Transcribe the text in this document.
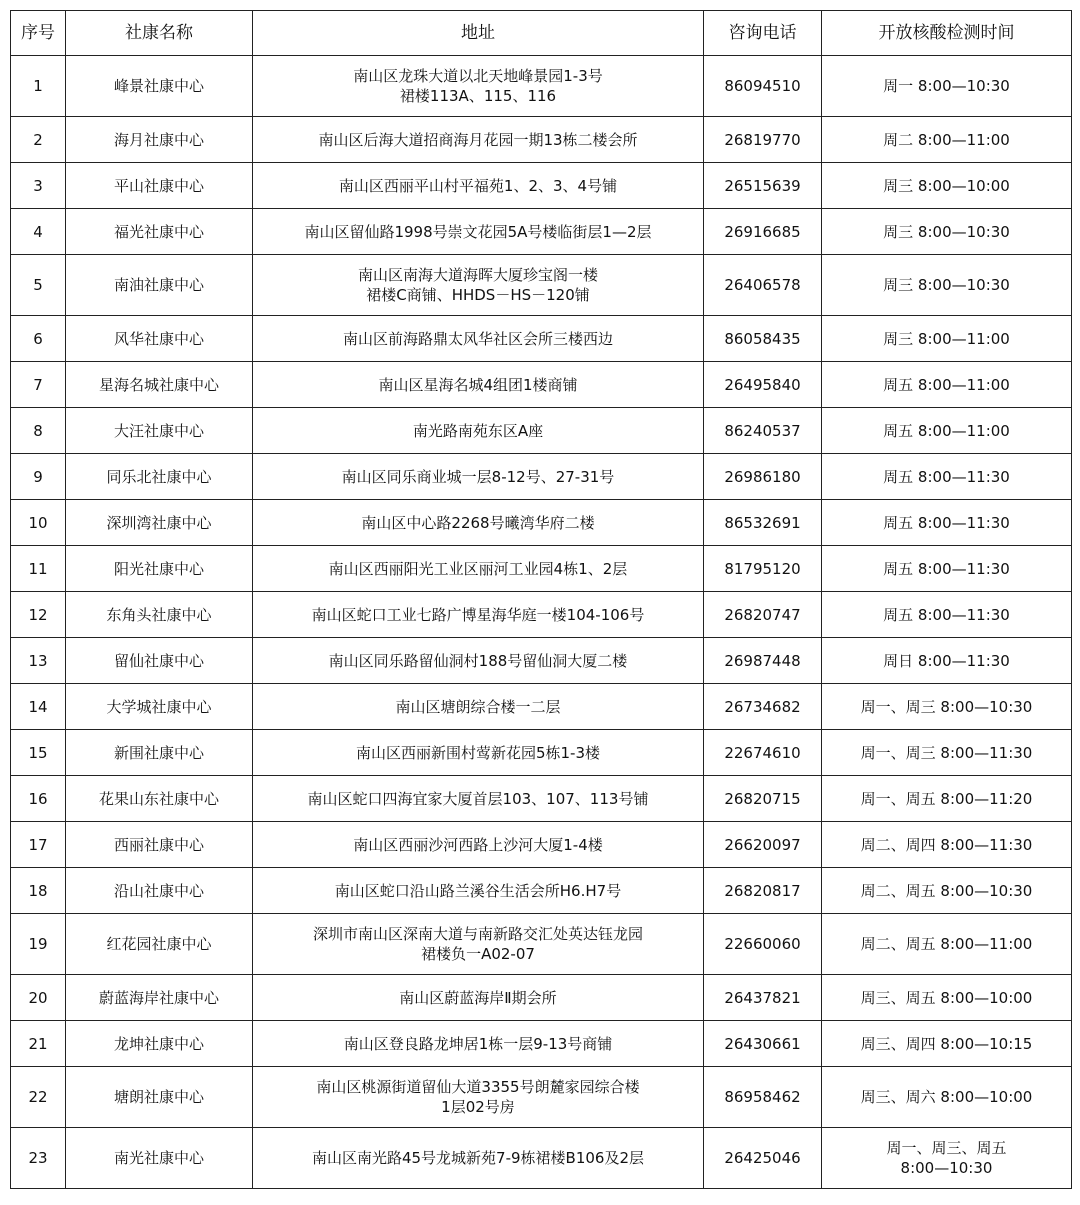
序号	社康名称	地址	咨询电话	开放核酸检测时间
1	峰景社康中心	南山区龙珠大道以北天地峰景园1-3号
裙楼113A、115、116	86094510	周一 8:00—10:30

2	海月社康中心	南山区后海大道招商海月花园一期13栋二楼会所	26819770	周二 8:00—11:00

3	平山社康中心	南山区西丽平山村平福苑1、2、3、4号铺	26515639	周三 8:00—10:00

4	福光社康中心	南山区留仙路1998号崇文花园5A号楼临街层1—2层	26916685	周三 8:00—10:30

5	南油社康中心	南山区南海大道海晖大厦珍宝阁一楼
裙楼C商铺、HHDS－HS－120铺	26406578	周三 8:00—10:30

6	风华社康中心	南山区前海路鼎太风华社区会所三楼西边	86058435	周三 8:00—11:00

7	星海名城社康中心	南山区星海名城4组团1楼商铺	26495840	周五 8:00—11:00

8	大汪社康中心	南光路南苑东区A座	86240537	周五 8:00—11:00

9	同乐北社康中心	南山区同乐商业城一层8-12号、27-31号	26986180	周五 8:00—11:30

10	深圳湾社康中心	南山区中心路2268号曦湾华府二楼	86532691	周五 8:00—11:30

11	阳光社康中心	南山区西丽阳光工业区丽河工业园4栋1、2层	81795120	周五 8:00—11:30

12	东角头社康中心	南山区蛇口工业七路广博星海华庭一楼104-106号	26820747	周五 8:00—11:30

13	留仙社康中心	南山区同乐路留仙洞村188号留仙洞大厦二楼	26987448	周日 8:00—11:30

14	大学城社康中心	南山区塘朗综合楼一二层	26734682	周一、周三 8:00—10:30

15	新围社康中心	南山区西丽新围村莺新花园5栋1-3楼	22674610	周一、周三 8:00—11:30

16	花果山东社康中心	南山区蛇口四海宜家大厦首层103、107、113号铺	26820715	周一、周五 8:00—11:20

17	西丽社康中心	南山区西丽沙河西路上沙河大厦1-4楼	26620097	周二、周四 8:00—11:30

18	沿山社康中心	南山区蛇口沿山路兰溪谷生活会所H6.H7号	26820817	周二、周五 8:00—10:30

19	红花园社康中心	深圳市南山区深南大道与南新路交汇处英达钰龙园
裙楼负一A02-07	22660060	周二、周五 8:00—11:00

20	蔚蓝海岸社康中心	南山区蔚蓝海岸Ⅱ期会所	26437821	周三、周五 8:00—10:00

21	龙坤社康中心	南山区登良路龙坤居1栋一层9-13号商铺	26430661	周三、周四 8:00—10:15

22	塘朗社康中心	南山区桃源街道留仙大道3355号朗麓家园综合楼
1层02号房	86958462	周三、周六 8:00—10:00

23	南光社康中心	南山区南光路45号龙城新苑7-9栋裙楼B106及2层	26425046	周一、周三、周五
8:00—10:30
